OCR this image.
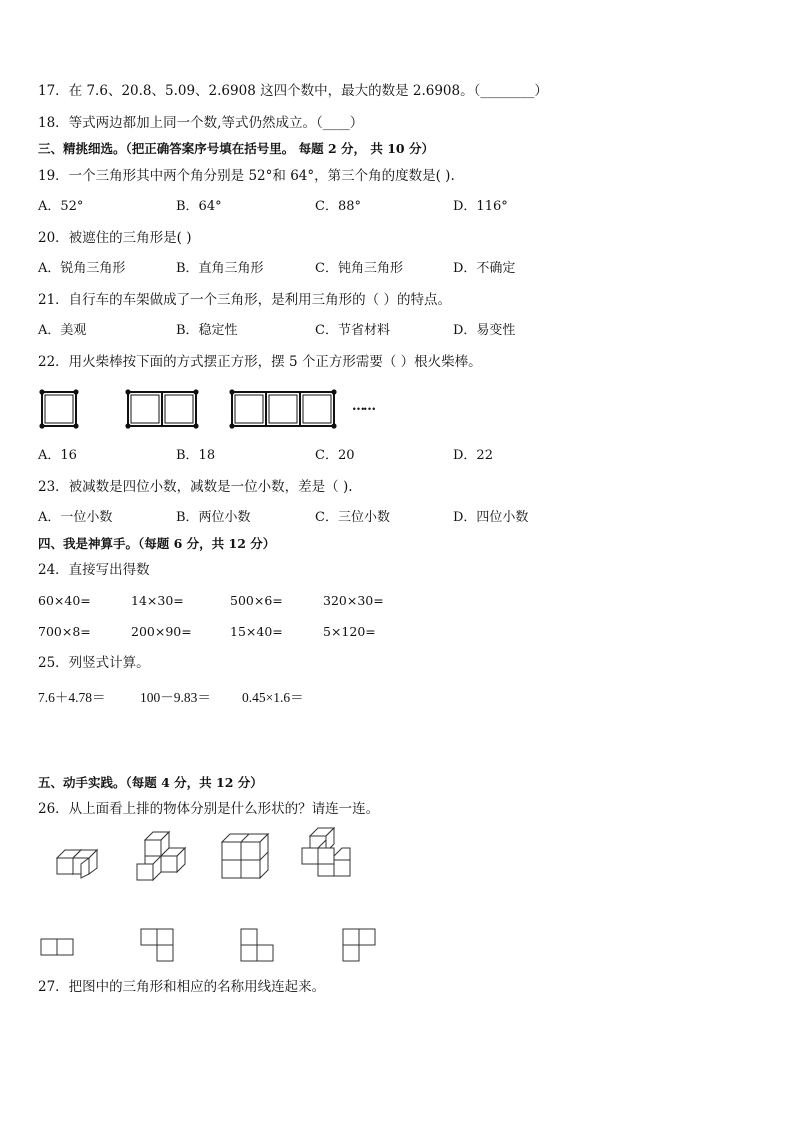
17．在 7.6、20.8、5.09、2.6908 这四个数中，最大的数是 2.6908。（________）
18．等式两边都加上同一个数,等式仍然成立。（____）
三、精挑细选。（把正确答案序号填在括号里。 每题 2 分， 共 10 分）
19．一个三角形其中两个角分别是 52°和 64°，第三个角的度数是( ).
A．52°	B．64°	C．88°	D．116°
20．被遮住的三角形是( )
A．锐角三角形	B．直角三角形	C．钝角三角形	D．不确定
21．自行车的车架做成了一个三角形，是利用三角形的（ ）的特点。
A．美观	B．稳定性	C．节省材料	D．易变性
22．用火柴棒按下面的方式摆正方形，摆 5 个正方形需要（ ）根火柴棒。
……
A．16	B．18	C．20	D．22
23．被减数是四位小数，减数是一位小数，差是（ ).
A．一位小数	B．两位小数	C．三位小数	D．四位小数
四、我是神算手。（每题 6 分，共 12 分）
24．直接写出得数
60×40=	14×30=	500×6=	320×30=
700×8=	200×90=	15×40=	5×120=
25．列竖式计算。
7.6＋4.78＝	100－9.83＝ 0.45×1.6＝
五、动手实践。（每题 4 分，共 12 分）
26．从上面看上排的物体分别是什么形状的？请连一连。
27．把图中的三角形和相应的名称用线连起来。
